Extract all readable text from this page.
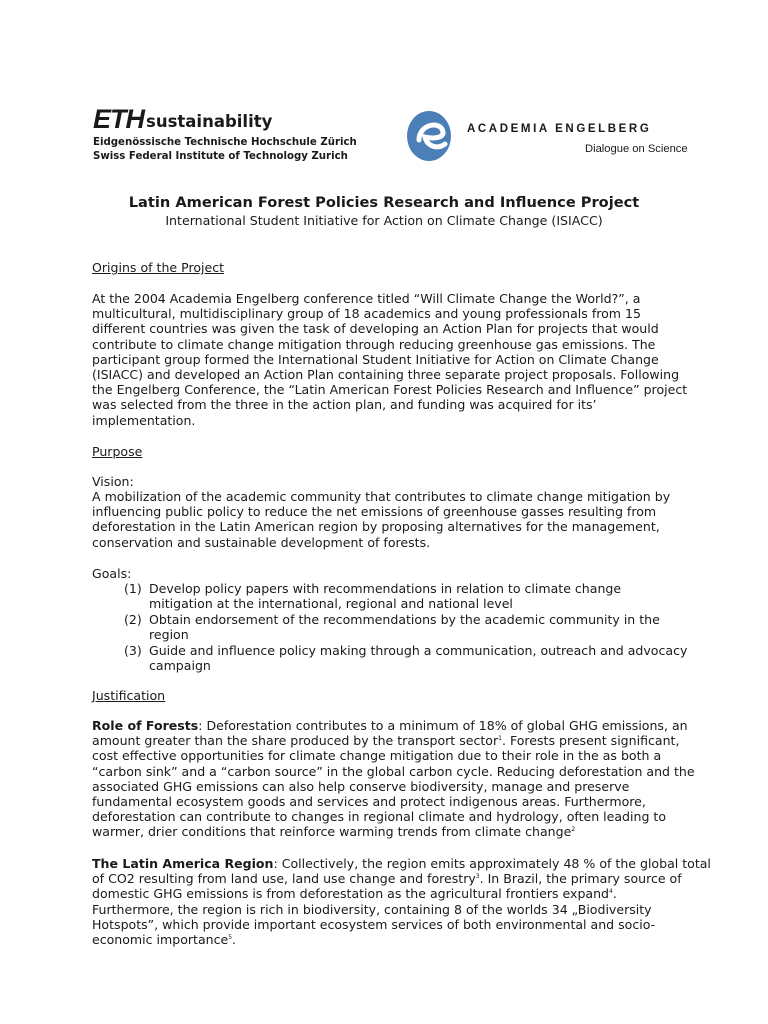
ETH sustainability
Eidgenössische Technische Hochschule Zürich
Swiss Federal Institute of Technology Zurich
ACADEMIA ENGELBERG
Dialogue on Science
Latin American Forest Policies Research and Influence Project
International Student Initiative for Action on Climate Change (ISIACC)
Origins of the Project
At the 2004 Academia Engelberg conference titled “Will Climate Change the World?”, a
multicultural, multidisciplinary group of 18 academics and young professionals from 15
different countries was given the task of developing an Action Plan for projects that would
contribute to climate change mitigation through reducing greenhouse gas emissions. The
participant group formed the International Student Initiative for Action on Climate Change
(ISIACC) and developed an Action Plan containing three separate project proposals. Following
the Engelberg Conference, the “Latin American Forest Policies Research and Influence” project
was selected from the three in the action plan, and funding was acquired for its’
implementation.
Purpose
Vision:
A mobilization of the academic community that contributes to climate change mitigation by
influencing public policy to reduce the net emissions of greenhouse gasses resulting from
deforestation in the Latin American region by proposing alternatives for the management,
conservation and sustainable development of forests.
Goals:
(1) Develop policy papers with recommendations in relation to climate change
mitigation at the international, regional and national level
(2) Obtain endorsement of the recommendations by the academic community in the
region
(3) Guide and influence policy making through a communication, outreach and advocacy
campaign
Justification
Role of Forests: Deforestation contributes to a minimum of 18% of global GHG emissions, an
amount greater than the share produced by the transport sector$^1$. Forests present significant,
cost effective opportunities for climate change mitigation due to their role in the as both a
“carbon sink” and a “carbon source” in the global carbon cycle. Reducing deforestation and the
associated GHG emissions can also help conserve biodiversity, manage and preserve
fundamental ecosystem goods and services and protect indigenous areas. Furthermore,
deforestation can contribute to changes in regional climate and hydrology, often leading to
warmer, drier conditions that reinforce warming trends from climate change$^2$
The Latin America Region: Collectively, the region emits approximately 48 % of the global total
of CO2 resulting from land use, land use change and forestry$^3$. In Brazil, the primary source of
domestic GHG emissions is from deforestation as the agricultural frontiers expand$^4$.
Furthermore, the region is rich in biodiversity, containing 8 of the worlds 34 „Biodiversity
Hotspots”, which provide important ecosystem services of both environmental and socio-
economic importance$^5$.
